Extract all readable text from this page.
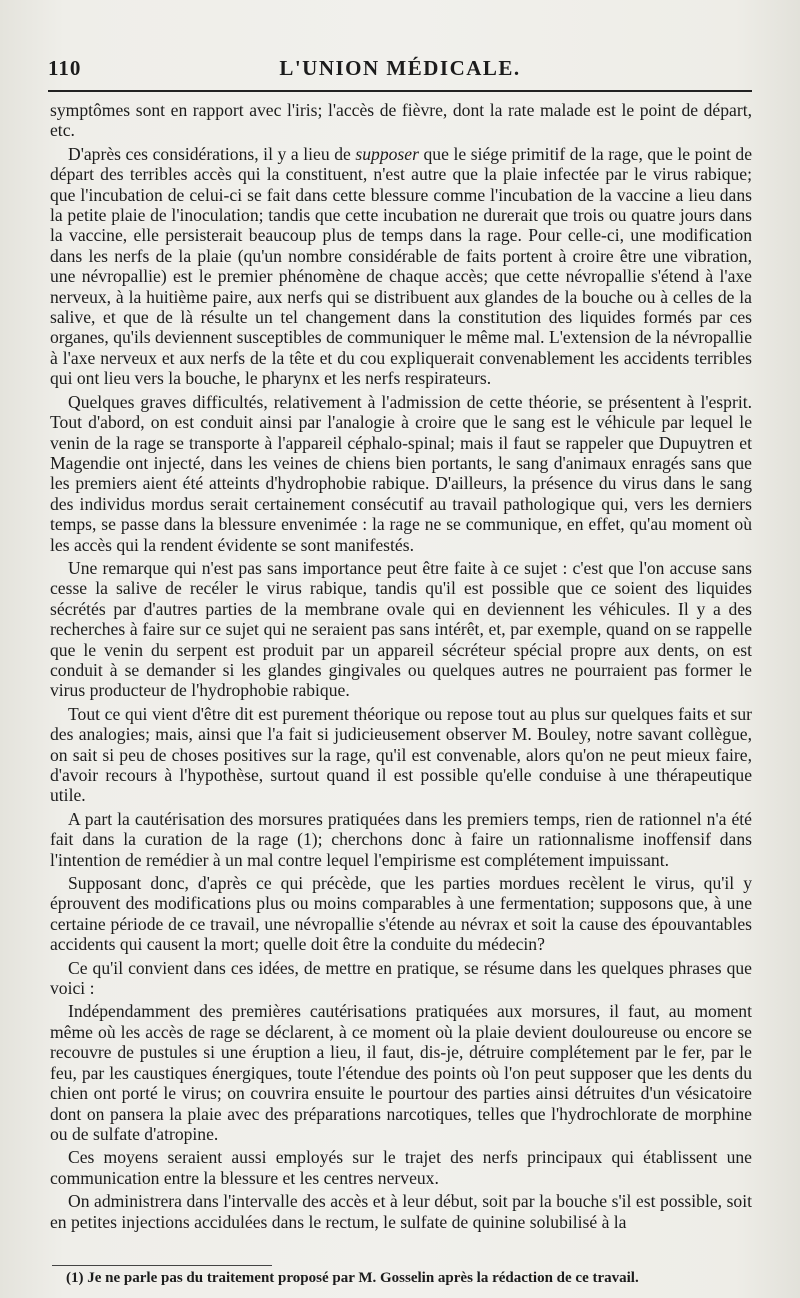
110	L'UNION MÉDICALE.

symptômes sont en rapport avec l'iris; l'accès de fièvre, dont la rate malade est le point de départ, etc.

D'après ces considérations, il y a lieu de supposer que le siége primitif de la rage, que le point de départ des terribles accès qui la constituent, n'est autre que la plaie infectée par le virus rabique; que l'incubation de celui-ci se fait dans cette blessure comme l'incubation de la vaccine a lieu dans la petite plaie de l'inoculation; tandis que cette incubation ne durerait que trois ou quatre jours dans la vaccine, elle persisterait beaucoup plus de temps dans la rage. Pour celle-ci, une modification dans les nerfs de la plaie (qu'un nombre considérable de faits portent à croire être une vibration, une névropallie) est le premier phénomène de chaque accès; que cette névropallie s'étend à l'axe nerveux, à la huitième paire, aux nerfs qui se distribuent aux glandes de la bouche ou à celles de la salive, et que de là résulte un tel changement dans la constitution des liquides formés par ces organes, qu'ils deviennent susceptibles de communiquer le même mal. L'extension de la névropallie à l'axe nerveux et aux nerfs de la tête et du cou expliquerait convenablement les accidents terribles qui ont lieu vers la bouche, le pharynx et les nerfs respirateurs.

Quelques graves difficultés, relativement à l'admission de cette théorie, se présentent à l'esprit. Tout d'abord, on est conduit ainsi par l'analogie à croire que le sang est le véhicule par lequel le venin de la rage se transporte à l'appareil céphalo-spinal; mais il faut se rappeler que Dupuytren et Magendie ont injecté, dans les veines de chiens bien portants, le sang d'animaux enragés sans que les premiers aient été atteints d'hydrophobie rabique. D'ailleurs, la présence du virus dans le sang des individus mordus serait certainement consécutif au travail pathologique qui, vers les derniers temps, se passe dans la blessure envenimée : la rage ne se communique, en effet, qu'au moment où les accès qui la rendent évidente se sont manifestés.

Une remarque qui n'est pas sans importance peut être faite à ce sujet : c'est que l'on accuse sans cesse la salive de recéler le virus rabique, tandis qu'il est possible que ce soient des liquides sécrétés par d'autres parties de la membrane ovale qui en deviennent les véhicules. Il y a des recherches à faire sur ce sujet qui ne seraient pas sans intérêt, et, par exemple, quand on se rappelle que le venin du serpent est produit par un appareil sécréteur spécial propre aux dents, on est conduit à se demander si les glandes gingivales ou quelques autres ne pourraient pas former le virus producteur de l'hydrophobie rabique.

Tout ce qui vient d'être dit est purement théorique ou repose tout au plus sur quelques faits et sur des analogies; mais, ainsi que l'a fait si judicieusement observer M. Bouley, notre savant collègue, on sait si peu de choses positives sur la rage, qu'il est convenable, alors qu'on ne peut mieux faire, d'avoir recours à l'hypothèse, surtout quand il est possible qu'elle conduise à une thérapeutique utile.

A part la cautérisation des morsures pratiquées dans les premiers temps, rien de rationnel n'a été fait dans la curation de la rage (1); cherchons donc à faire un rationnalisme inoffensif dans l'intention de remédier à un mal contre lequel l'empirisme est complétement impuissant.

Supposant donc, d'après ce qui précède, que les parties mordues recèlent le virus, qu'il y éprouvent des modifications plus ou moins comparables à une fermentation; supposons que, à une certaine période de ce travail, une névropallie s'étende au névrax et soit la cause des épouvantables accidents qui causent la mort; quelle doit être la conduite du médecin?

Ce qu'il convient dans ces idées, de mettre en pratique, se résume dans les quelques phrases que voici :

Indépendamment des premières cautérisations pratiquées aux morsures, il faut, au moment même où les accès de rage se déclarent, à ce moment où la plaie devient douloureuse ou encore se recouvre de pustules si une éruption a lieu, il faut, dis-je, détruire complétement par le fer, par le feu, par les caustiques énergiques, toute l'étendue des points où l'on peut supposer que les dents du chien ont porté le virus; on couvrira ensuite le pourtour des parties ainsi détruites d'un vésicatoire dont on pansera la plaie avec des préparations narcotiques, telles que l'hydrochlorate de morphine ou de sulfate d'atropine.

Ces moyens seraient aussi employés sur le trajet des nerfs principaux qui établissent une communication entre la blessure et les centres nerveux.

On administrera dans l'intervalle des accès et à leur début, soit par la bouche s'il est possible, soit en petites injections accidulées dans le rectum, le sulfate de quinine solubilisé à la

(1) Je ne parle pas du traitement proposé par M. Gosselin après la rédaction de ce travail.
